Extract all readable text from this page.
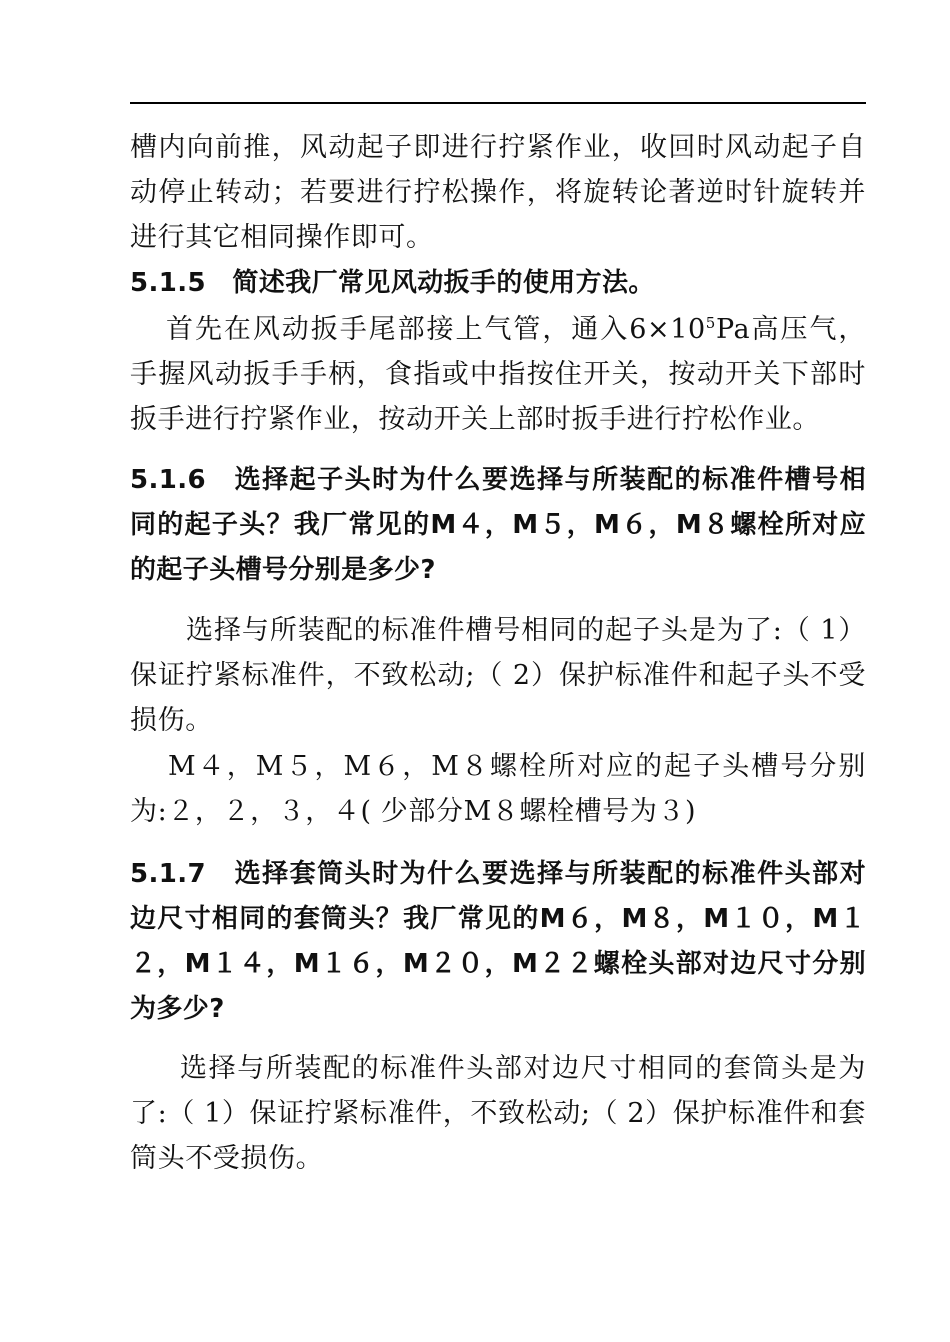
槽内向前推，风动起子即进行拧紧作业，收回时风动起子自动停止转动；若要进行拧松操作，将旋转论著逆时针旋转并进行其它相同操作即可。

5.1.5　简述我厂常见风动扳手的使用方法。

首先在风动扳手尾部接上气管，通入$6\times 10^5Pa$高压气，手握风动扳手手柄，食指或中指按住开关，按动开关下部时扳手进行拧紧作业，按动开关上部时扳手进行拧松作业。

5.1.6　选择起子头时为什么要选择与所装配的标准件槽号相同的起子头？我厂常见的M４，M５，M６，M８螺栓所对应的起子头槽号分别是多少?

选择与所装配的标准件槽号相同的起子头是为了:（ 1）保证拧紧标准件，不致松动;（ 2）保护标准件和起子头不受损伤。

M４，M５，M６，M８螺栓所对应的起子头槽号分别为:２，２，３，４( 少部分M８螺栓槽号为３)

5.1.7　选择套筒头时为什么要选择与所装配的标准件头部对边尺寸相同的套筒头？我厂常见的M６，M８，M１０，M１２，M１４，M１６，M２０，M２２螺栓头部对边尺寸分别为多少?

选择与所装配的标准件头部对边尺寸相同的套筒头是为了:（ 1）保证拧紧标准件，不致松动;（ 2）保护标准件和套筒头不受损伤。
